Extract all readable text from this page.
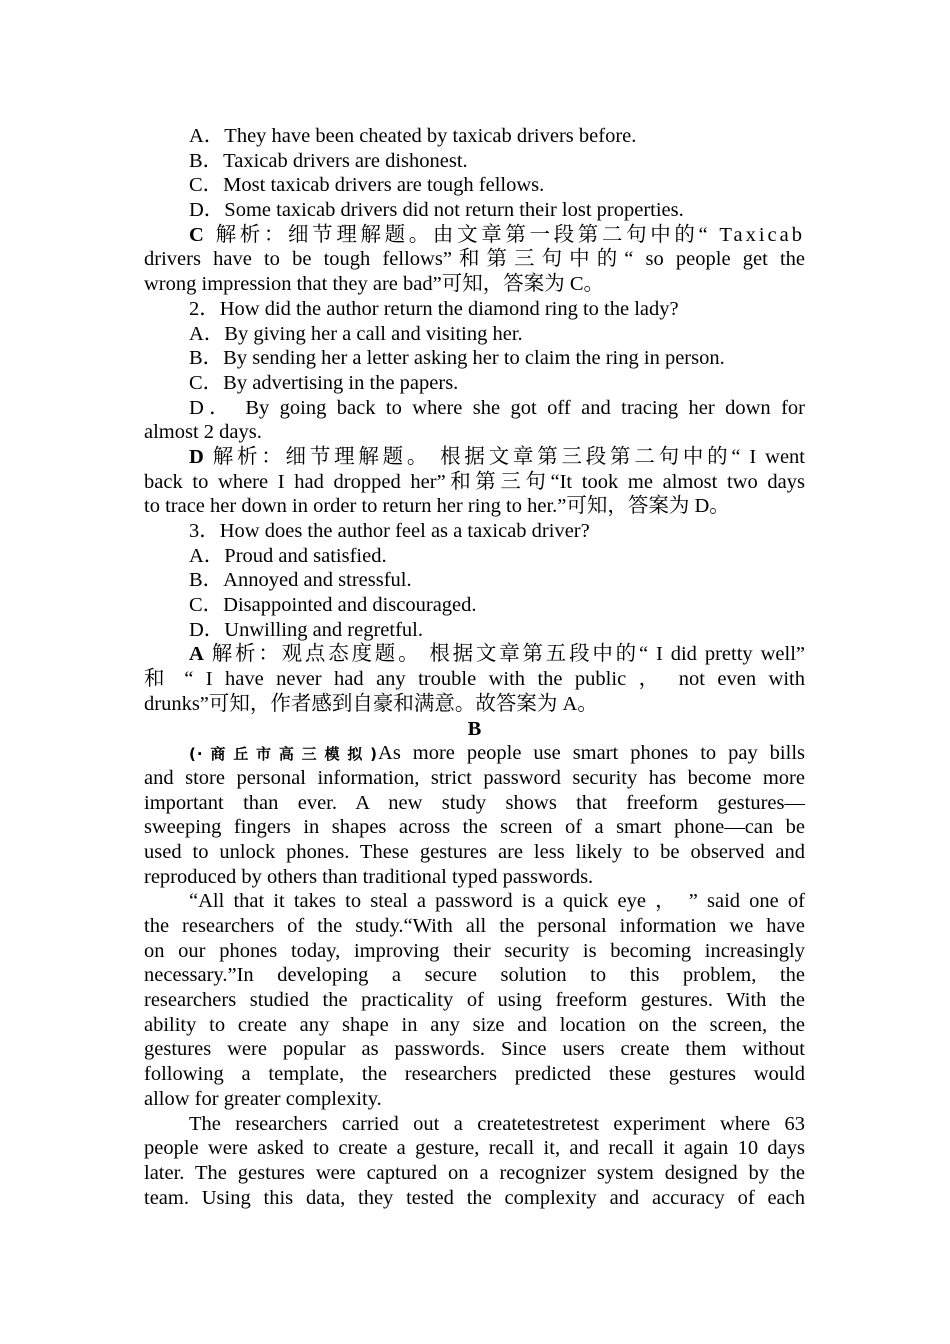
A．They have been cheated by taxicab drivers before.
B．Taxicab drivers are dishonest.
C．Most taxicab drivers are tough fellows.
D．Some taxicab drivers did not return their lost properties.
C 解析：细节理解题。由文章第一段第二句中的“ Taxicab
drivers have to be tough fellows”和第三句中的“ so people get the
wrong impression that they are bad”可知，答案为 C。
2．How did the author return the diamond ring to the lady?
A．By giving her a call and visiting her.
B．By sending her a letter asking her to claim the ring in person.
C．By advertising in the papers.
D． By going back to where she got off and tracing her down for
almost 2 days.
D 解析：细节理解题。 根据文章第三段第二句中的“ I went
back to where I had dropped her”和第三句“It took me almost two days
to trace her down in order to return her ring to her.”可知，答案为 D。
3．How does the author feel as a taxicab driver?
A．Proud and satisfied.
B．Annoyed and stressful.
C．Disappointed and discouraged.
D．Unwilling and regretful.
A 解析：观点态度题。 根据文章第五段中的“ I did pretty well”
和 “ I have never had any trouble with the public ， not even with
drunks”可知，作者感到自豪和满意。故答案为 A。
B
(·商丘市高三模拟)As more people use smart phones to pay bills
and store personal information, strict password security has become more
important than ever. A new study shows that freeform gestures—
sweeping fingers in shapes across the screen of a smart phone—can be
used to unlock phones. These gestures are less likely to be observed and
reproduced by others than traditional typed passwords.
“All that it takes to steal a password is a quick eye ， ” said one of
the researchers of the study.“With all the personal information we have
on our phones today, improving their security is becoming increasingly
necessary.”In developing a secure solution to this problem, the
researchers studied the practicality of using freeform gestures. With the
ability to create any shape in any size and location on the screen, the
gestures were popular as passwords. Since users create them without
following a template, the researchers predicted these gestures would
allow for greater complexity.
The researchers carried out a createtestretest experiment where 63
people were asked to create a gesture, recall it, and recall it again 10 days
later. The gestures were captured on a recognizer system designed by the
team. Using this data, they tested the complexity and accuracy of each
